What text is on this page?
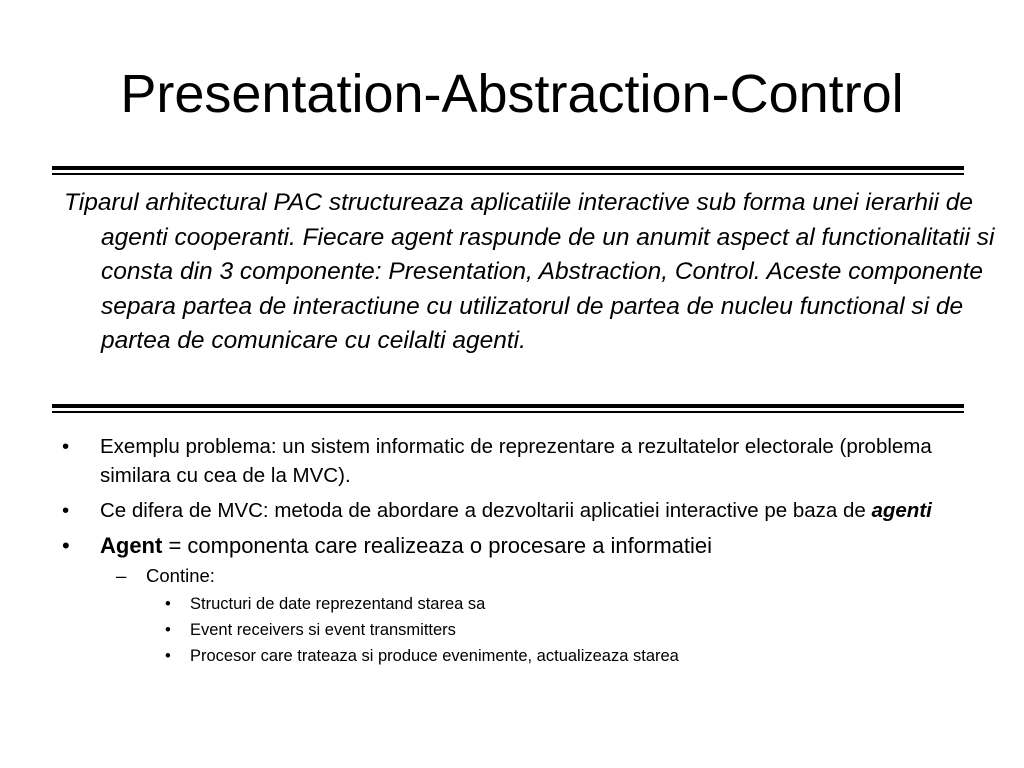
Presentation-Abstraction-Control

Tiparul arhitectural PAC structureaza aplicatiile interactive sub forma unei ierarhii de agenti cooperanti. Fiecare agent raspunde de un anumit aspect al functionalitatii si consta din 3 componente: Presentation, Abstraction, Control. Aceste componente separa partea de interactiune cu utilizatorul de partea de nucleu functional si de partea de comunicare cu ceilalti agenti.

• Exemplu problema: un sistem informatic de reprezentare a rezultatelor electorale (problema similara cu cea de la MVC).
• Ce difera de MVC: metoda de abordare a dezvoltarii aplicatiei interactive pe baza de agenti
• Agent = componenta care realizeaza o procesare a informatiei
– Contine:
• Structuri de date reprezentand starea sa
• Event receivers si event transmitters
• Procesor care trateaza si produce evenimente, actualizeaza starea
